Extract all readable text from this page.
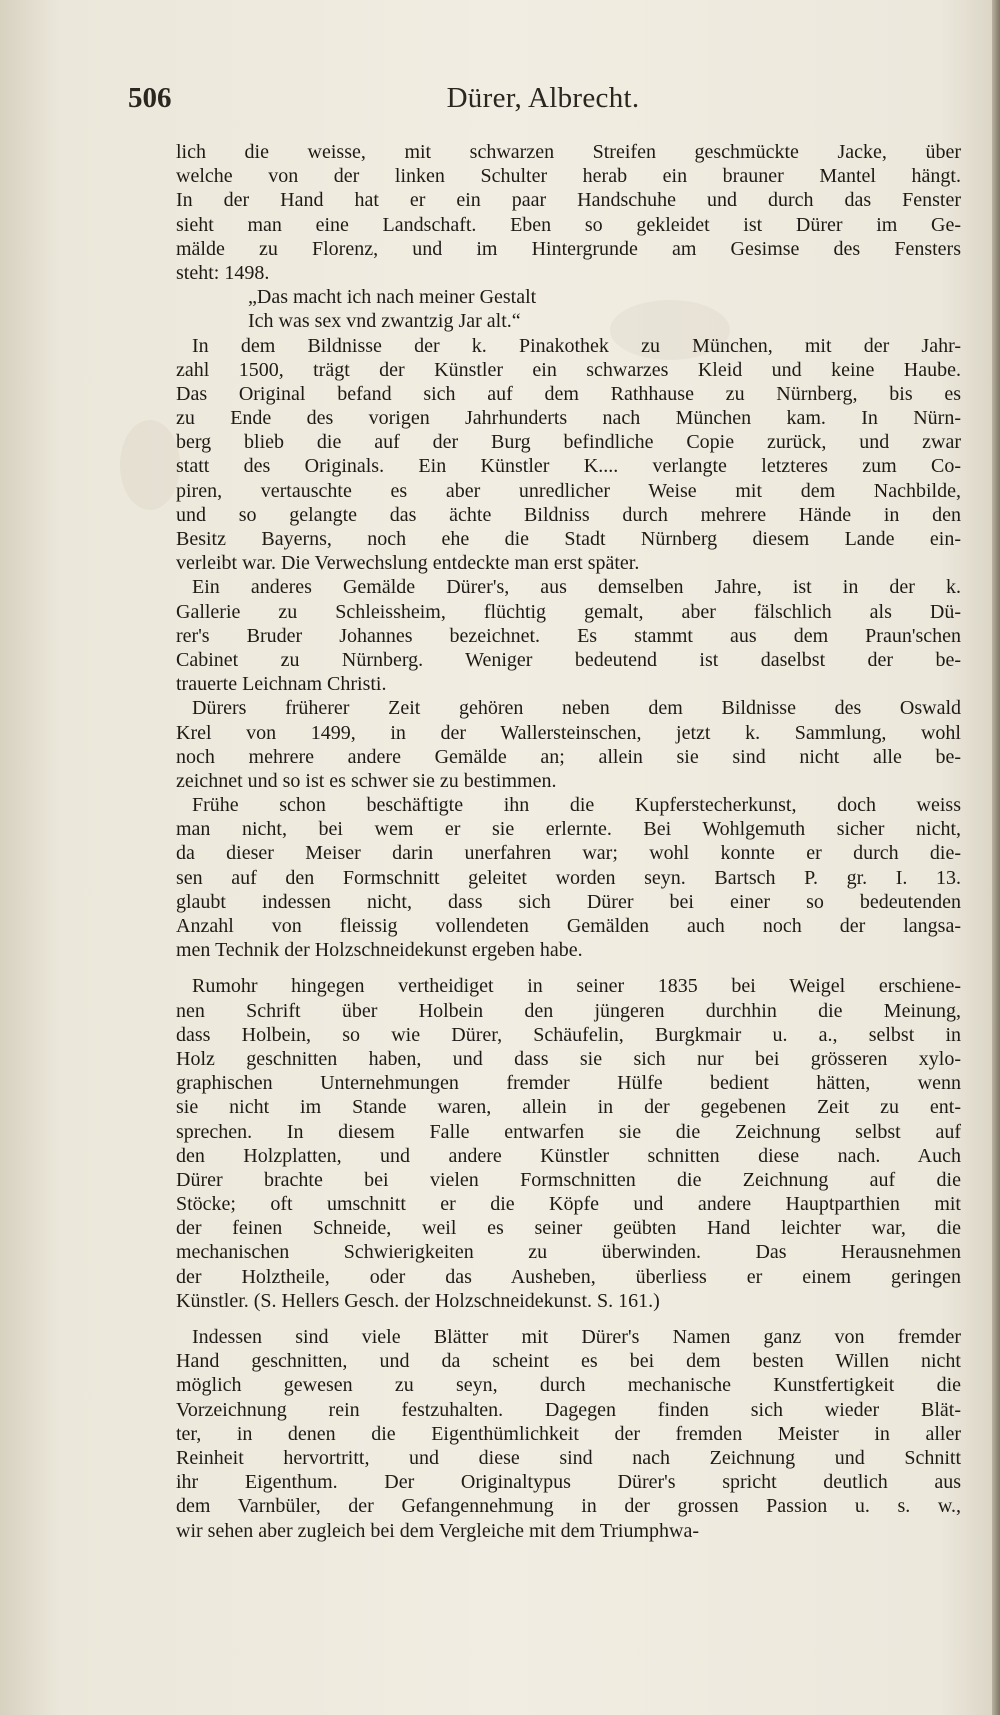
506	Dürer, Albrecht.
lich die weisse, mit schwarzen Streifen geschmückte Jacke, über
welche von der linken Schulter herab ein brauner Mantel hängt.
In der Hand hat er ein paar Handschuhe und durch das Fenster
sieht man eine Landschaft. Eben so gekleidet ist Dürer im Ge-
mälde zu Florenz, und im Hintergrunde am Gesimse des Fensters
steht: 1498.
„Das macht ich nach meiner Gestalt
Ich was sex vnd zwantzig Jar alt.“
In dem Bildnisse der k. Pinakothek zu München, mit der Jahr-
zahl 1500, trägt der Künstler ein schwarzes Kleid und keine Haube.
Das Original befand sich auf dem Rathhause zu Nürnberg, bis es
zu Ende des vorigen Jahrhunderts nach München kam. In Nürn-
berg blieb die auf der Burg befindliche Copie zurück, und zwar
statt des Originals. Ein Künstler K.... verlangte letzteres zum Co-
piren, vertauschte es aber unredlicher Weise mit dem Nachbilde,
und so gelangte das ächte Bildniss durch mehrere Hände in den
Besitz Bayerns, noch ehe die Stadt Nürnberg diesem Lande ein-
verleibt war. Die Verwechslung entdeckte man erst später.
Ein anderes Gemälde Dürer's, aus demselben Jahre, ist in der k.
Gallerie zu Schleissheim, flüchtig gemalt, aber fälschlich als Dü-
rer's Bruder Johannes bezeichnet. Es stammt aus dem Praun'schen
Cabinet zu Nürnberg. Weniger bedeutend ist daselbst der be-
trauerte Leichnam Christi.
Dürers früherer Zeit gehören neben dem Bildnisse des Oswald
Krel von 1499, in der Wallersteinschen, jetzt k. Sammlung, wohl
noch mehrere andere Gemälde an; allein sie sind nicht alle be-
zeichnet und so ist es schwer sie zu bestimmen.
Frühe schon beschäftigte ihn die Kupferstecherkunst, doch weiss
man nicht, bei wem er sie erlernte. Bei Wohlgemuth sicher nicht,
da dieser Meiser darin unerfahren war; wohl konnte er durch die-
sen auf den Formschnitt geleitet worden seyn. Bartsch P. gr. I. 13.
glaubt indessen nicht, dass sich Dürer bei einer so bedeutenden
Anzahl von fleissig vollendeten Gemälden auch noch der langsa-
men Technik der Holzschneidekunst ergeben habe.
Rumohr hingegen vertheidiget in seiner 1835 bei Weigel erschiene-
nen Schrift über Holbein den jüngeren durchhin die Meinung,
dass Holbein, so wie Dürer, Schäufelin, Burgkmair u. a., selbst in
Holz geschnitten haben, und dass sie sich nur bei grösseren xylo-
graphischen Unternehmungen fremder Hülfe bedient hätten, wenn
sie nicht im Stande waren, allein in der gegebenen Zeit zu ent-
sprechen. In diesem Falle entwarfen sie die Zeichnung selbst auf
den Holzplatten, und andere Künstler schnitten diese nach. Auch
Dürer brachte bei vielen Formschnitten die Zeichnung auf die
Stöcke; oft umschnitt er die Köpfe und andere Hauptparthien mit
der feinen Schneide, weil es seiner geübten Hand leichter war, die
mechanischen Schwierigkeiten zu überwinden. Das Herausnehmen
der Holztheile, oder das Ausheben, überliess er einem geringen
Künstler. (S. Hellers Gesch. der Holzschneidekunst. S. 161.)
Indessen sind viele Blätter mit Dürer's Namen ganz von fremder
Hand geschnitten, und da scheint es bei dem besten Willen nicht
möglich gewesen zu seyn, durch mechanische Kunstfertigkeit die
Vorzeichnung rein festzuhalten. Dagegen finden sich wieder Blät-
ter, in denen die Eigenthümlichkeit der fremden Meister in aller
Reinheit hervortritt, und diese sind nach Zeichnung und Schnitt
ihr Eigenthum. Der Originaltypus Dürer's spricht deutlich aus
dem Varnbüler, der Gefangennehmung in der grossen Passion u. s. w.,
wir sehen aber zugleich bei dem Vergleiche mit dem Triumphwa-
